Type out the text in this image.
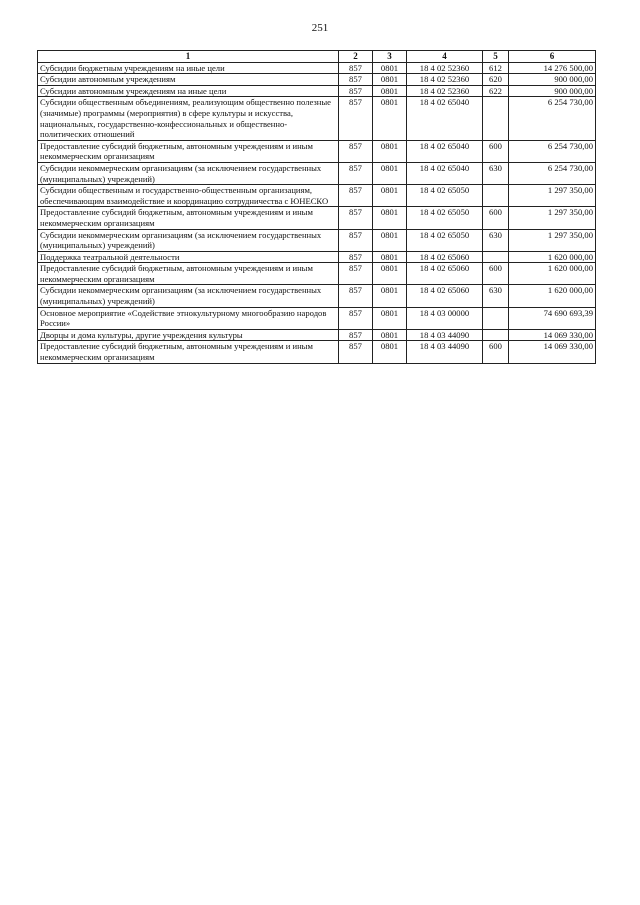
251
1	2	3	4	5	6
Субсидии бюджетным учреждениям на иные цели	857	0801	18 4 02 52360	612	14 276 500,00
Субсидии автономным учреждениям	857	0801	18 4 02 52360	620	900 000,00
Субсидии автономным учреждениям на иные цели	857	0801	18 4 02 52360	622	900 000,00
Субсидии общественным объединениям, реализующим общественно полезные (значимые) программы (мероприятия) в сфере культуры и искусства, национальных, государственно-конфессиональных и общественно-политических отношений	857	0801	18 4 02 65040		6 254 730,00
Предоставление субсидий бюджетным, автономным учреждениям и иным некоммерческим организациям	857	0801	18 4 02 65040	600	6 254 730,00
Субсидии некоммерческим организациям (за исключением государственных (муниципальных) учреждений)	857	0801	18 4 02 65040	630	6 254 730,00
Субсидии общественным и государственно-общественным организациям, обеспечивающим взаимодействие и координацию сотрудничества с ЮНЕСКО	857	0801	18 4 02 65050		1 297 350,00
Предоставление субсидий бюджетным, автономным учреждениям и иным некоммерческим организациям	857	0801	18 4 02 65050	600	1 297 350,00
Субсидии некоммерческим организациям (за исключением государственных (муниципальных) учреждений)	857	0801	18 4 02 65050	630	1 297 350,00
Поддержка театральной деятельности	857	0801	18 4 02 65060		1 620 000,00
Предоставление субсидий бюджетным, автономным учреждениям и иным некоммерческим организациям	857	0801	18 4 02 65060	600	1 620 000,00
Субсидии некоммерческим организациям (за исключением государственных (муниципальных) учреждений)	857	0801	18 4 02 65060	630	1 620 000,00
Основное мероприятие «Содействие этнокультурному многообразию народов России»	857	0801	18 4 03 00000		74 690 693,39
Дворцы и дома культуры, другие учреждения культуры	857	0801	18 4 03 44090		14 069 330,00
Предоставление субсидий бюджетным, автономным учреждениям и иным некоммерческим организациям	857	0801	18 4 03 44090	600	14 069 330,00
